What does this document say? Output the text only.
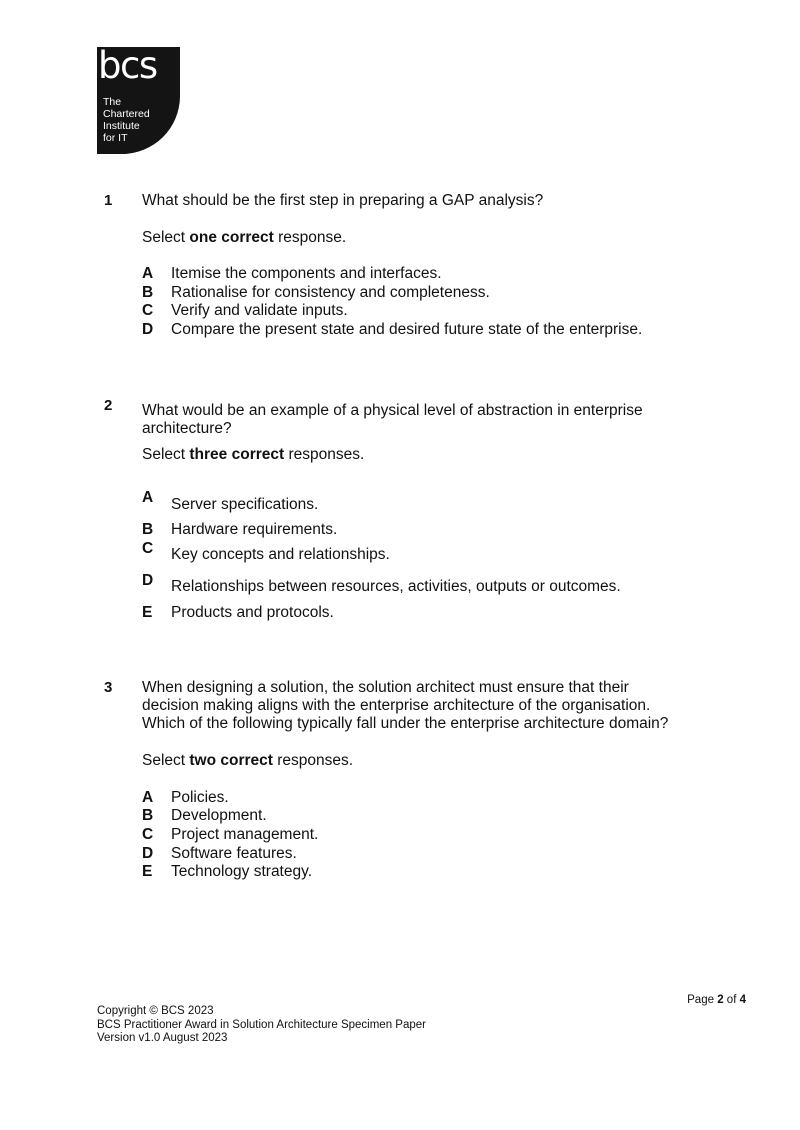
bcs
The
Chartered
Institute
for IT
1 What should be the first step in preparing a GAP analysis?
Select one correct response.
A Itemise the components and interfaces.
B Rationalise for consistency and completeness.
C Verify and validate inputs.
D Compare the present state and desired future state of the enterprise.
2 What would be an example of a physical level of abstraction in enterprise
architecture?
Select three correct responses.
A Server specifications.
B Hardware requirements.
C Key concepts and relationships.
D Relationships between resources, activities, outputs or outcomes.
E Products and protocols.
3 When designing a solution, the solution architect must ensure that their
decision making aligns with the enterprise architecture of the organisation.
Which of the following typically fall under the enterprise architecture domain?
Select two correct responses.
A Policies.
B Development.
C Project management.
D Software features.
E Technology strategy.
Page 2 of 4
Copyright © BCS 2023
BCS Practitioner Award in Solution Architecture Specimen Paper
Version v1.0 August 2023
